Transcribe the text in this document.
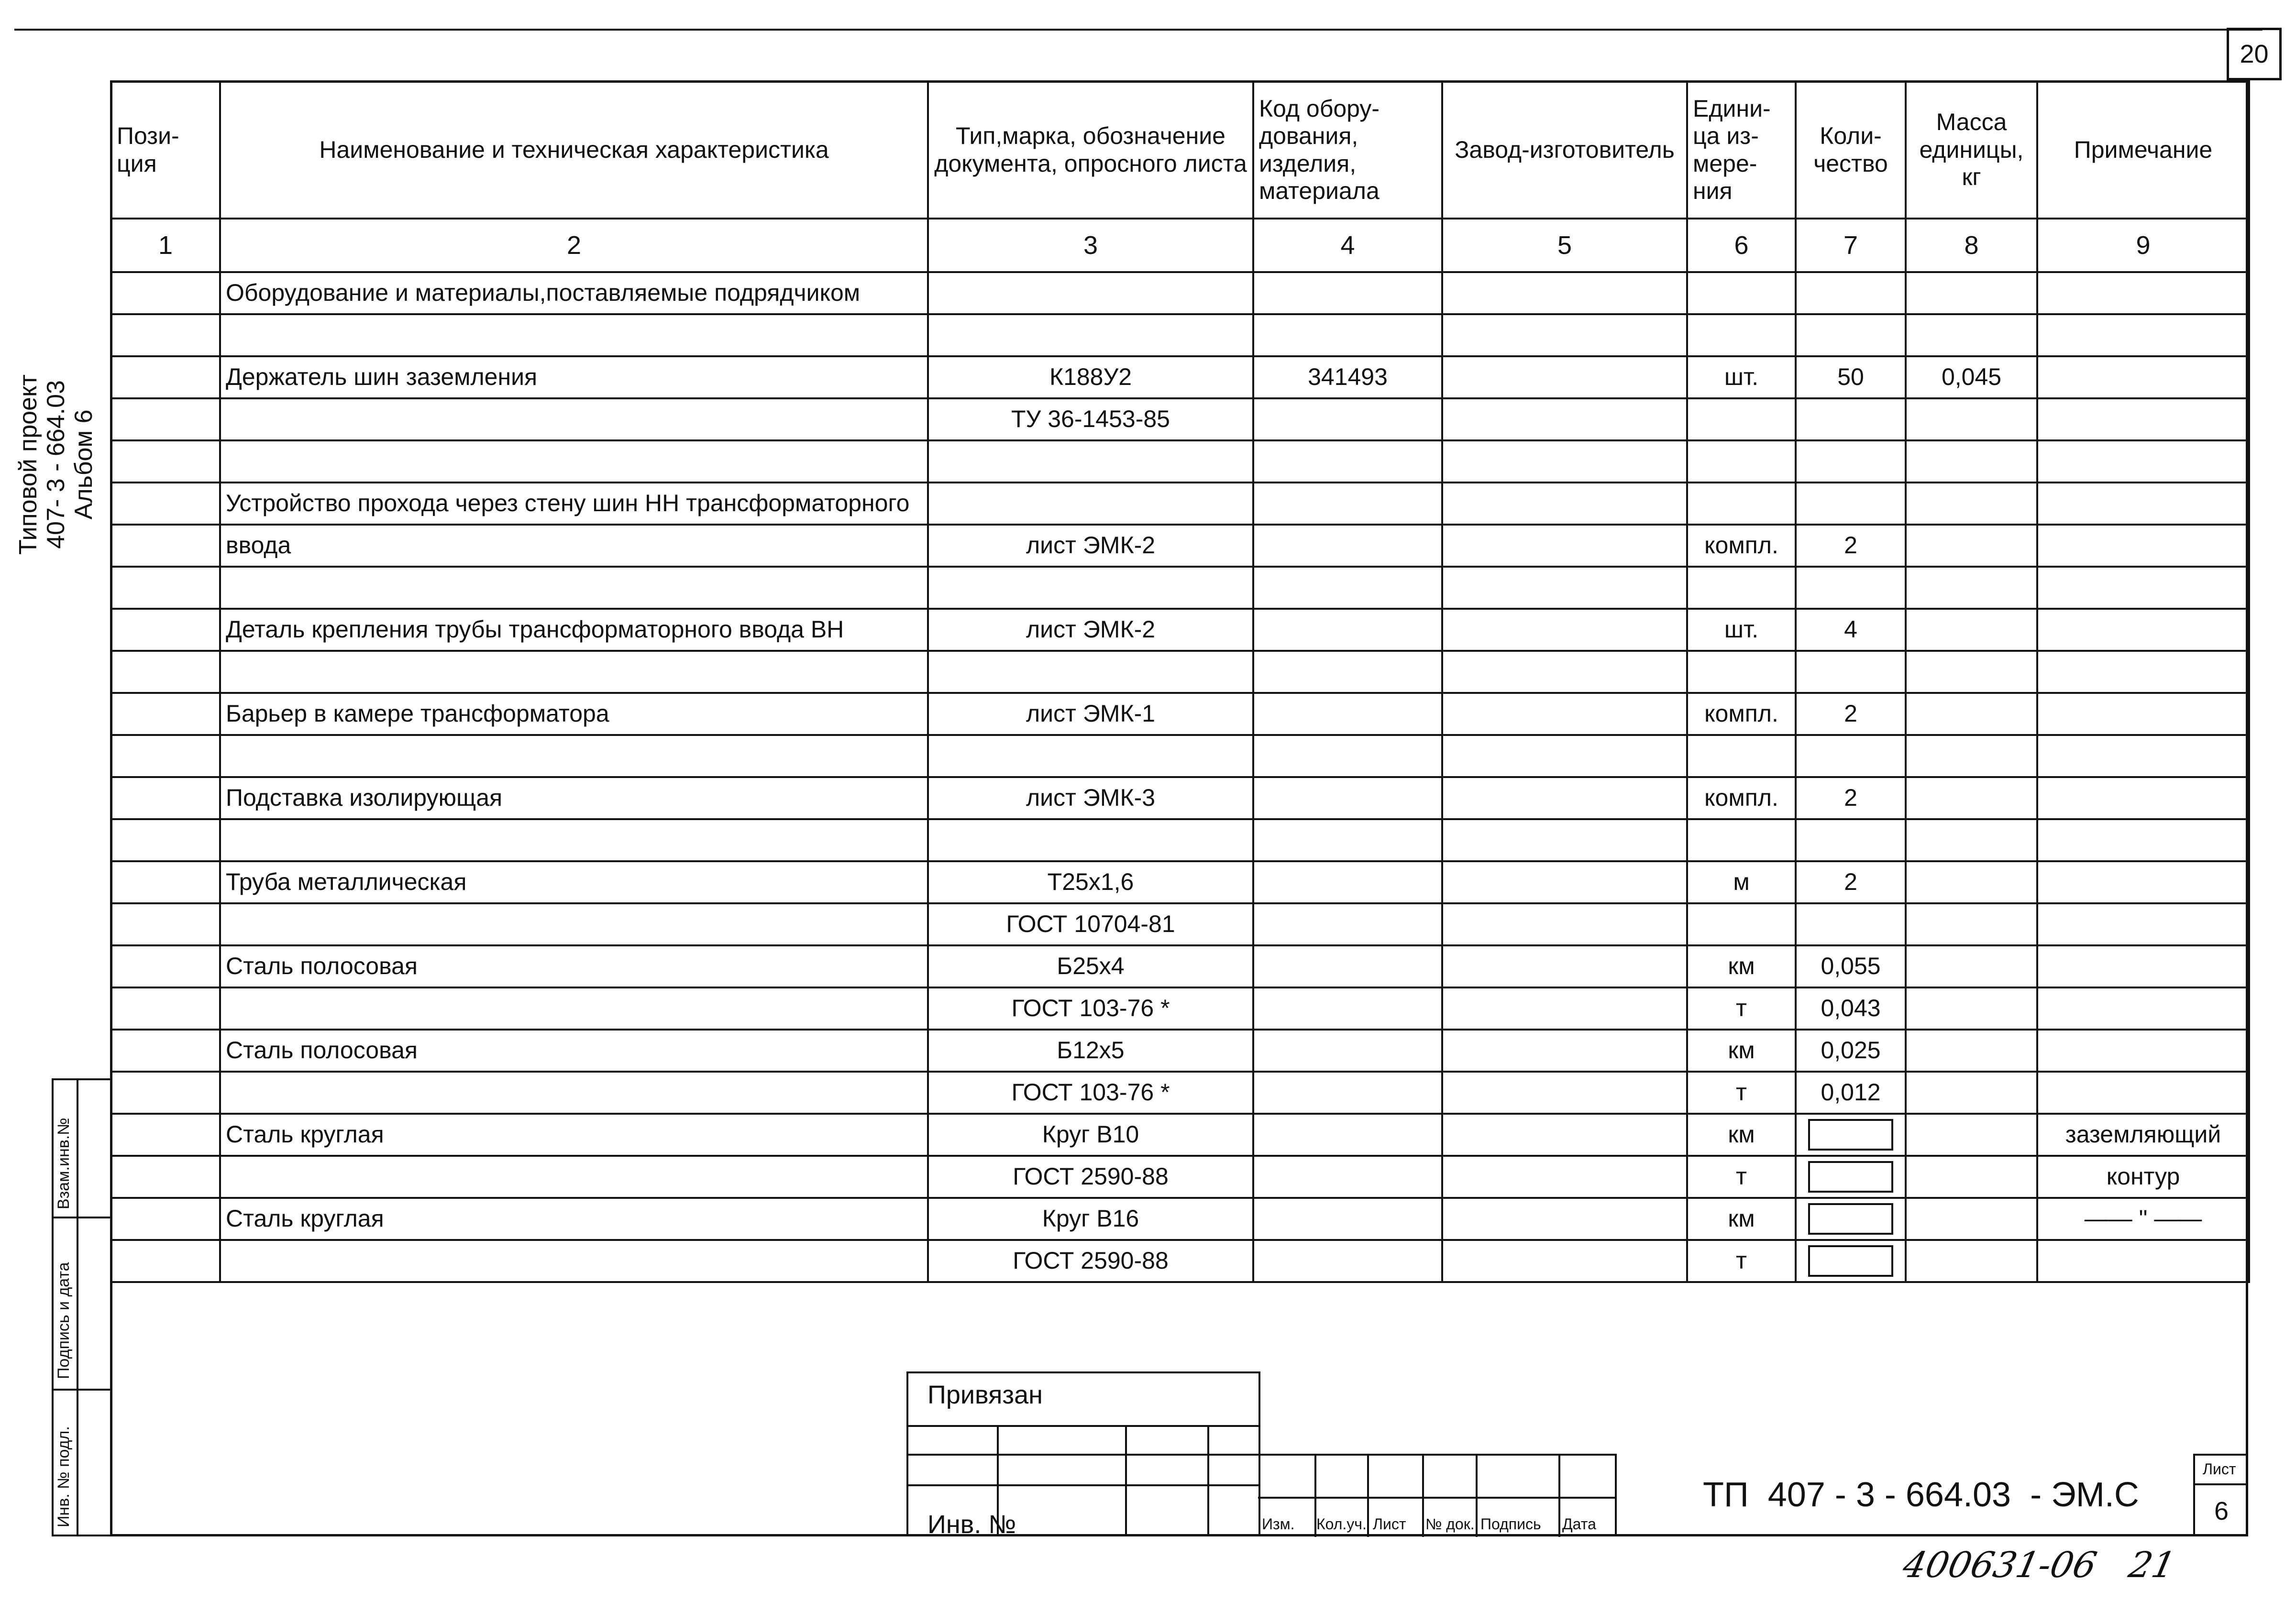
20
Типовой проект 407- 3 - 664.03 Альбом 6
Пози-ция	Наименование и техническая характеристика	Тип,марка, обозначение документа, опросного листа	Код обору-дования, изделия, материала	Завод-изготовитель	Едини-ца из-мере-ния	Коли-чество	Масса единицы, кг	Примечание
1	2	3	4	5	6	7	8	9
	Оборудование и материалы,поставляемые подрядчиком							

	Держатель шин заземления	К188У2	341493		шт.	50	0,045	
		ТУ 36-1453-85						

	Устройство прохода через стену шин НН трансформаторного							
	ввода	лист ЭМК-2			компл.	2		

	Деталь крепления трубы трансформаторного ввода ВН	лист ЭМК-2			шт.	4		

	Барьер в камере трансформатора	лист ЭМК-1			компл.	2		

	Подставка изолирующая	лист ЭМК-3			компл.	2		

	Труба металлическая	Т25х1,6			м	2		
		ГОСТ 10704-81						
	Сталь полосовая	Б25х4			км	0,055		
		ГОСТ 103-76 *			т	0,043		
	Сталь полосовая	Б12х5			км	0,025		
		ГОСТ 103-76 *			т	0,012		
	Сталь круглая	Круг В10			км			заземляющий
		ГОСТ 2590-88			т			контур
	Сталь круглая	Круг В16			км			—— " ——
		ГОСТ 2590-88			т			
Взам.инв.№
Подпись и дата
Инв. № подл.
Привязан
Инв. №	Изм. Кол.уч. Лист № док. Подпись Дата
ТП  407 - 3 - 664.03  - ЭМ.С
Лист
6
400631-06   21
